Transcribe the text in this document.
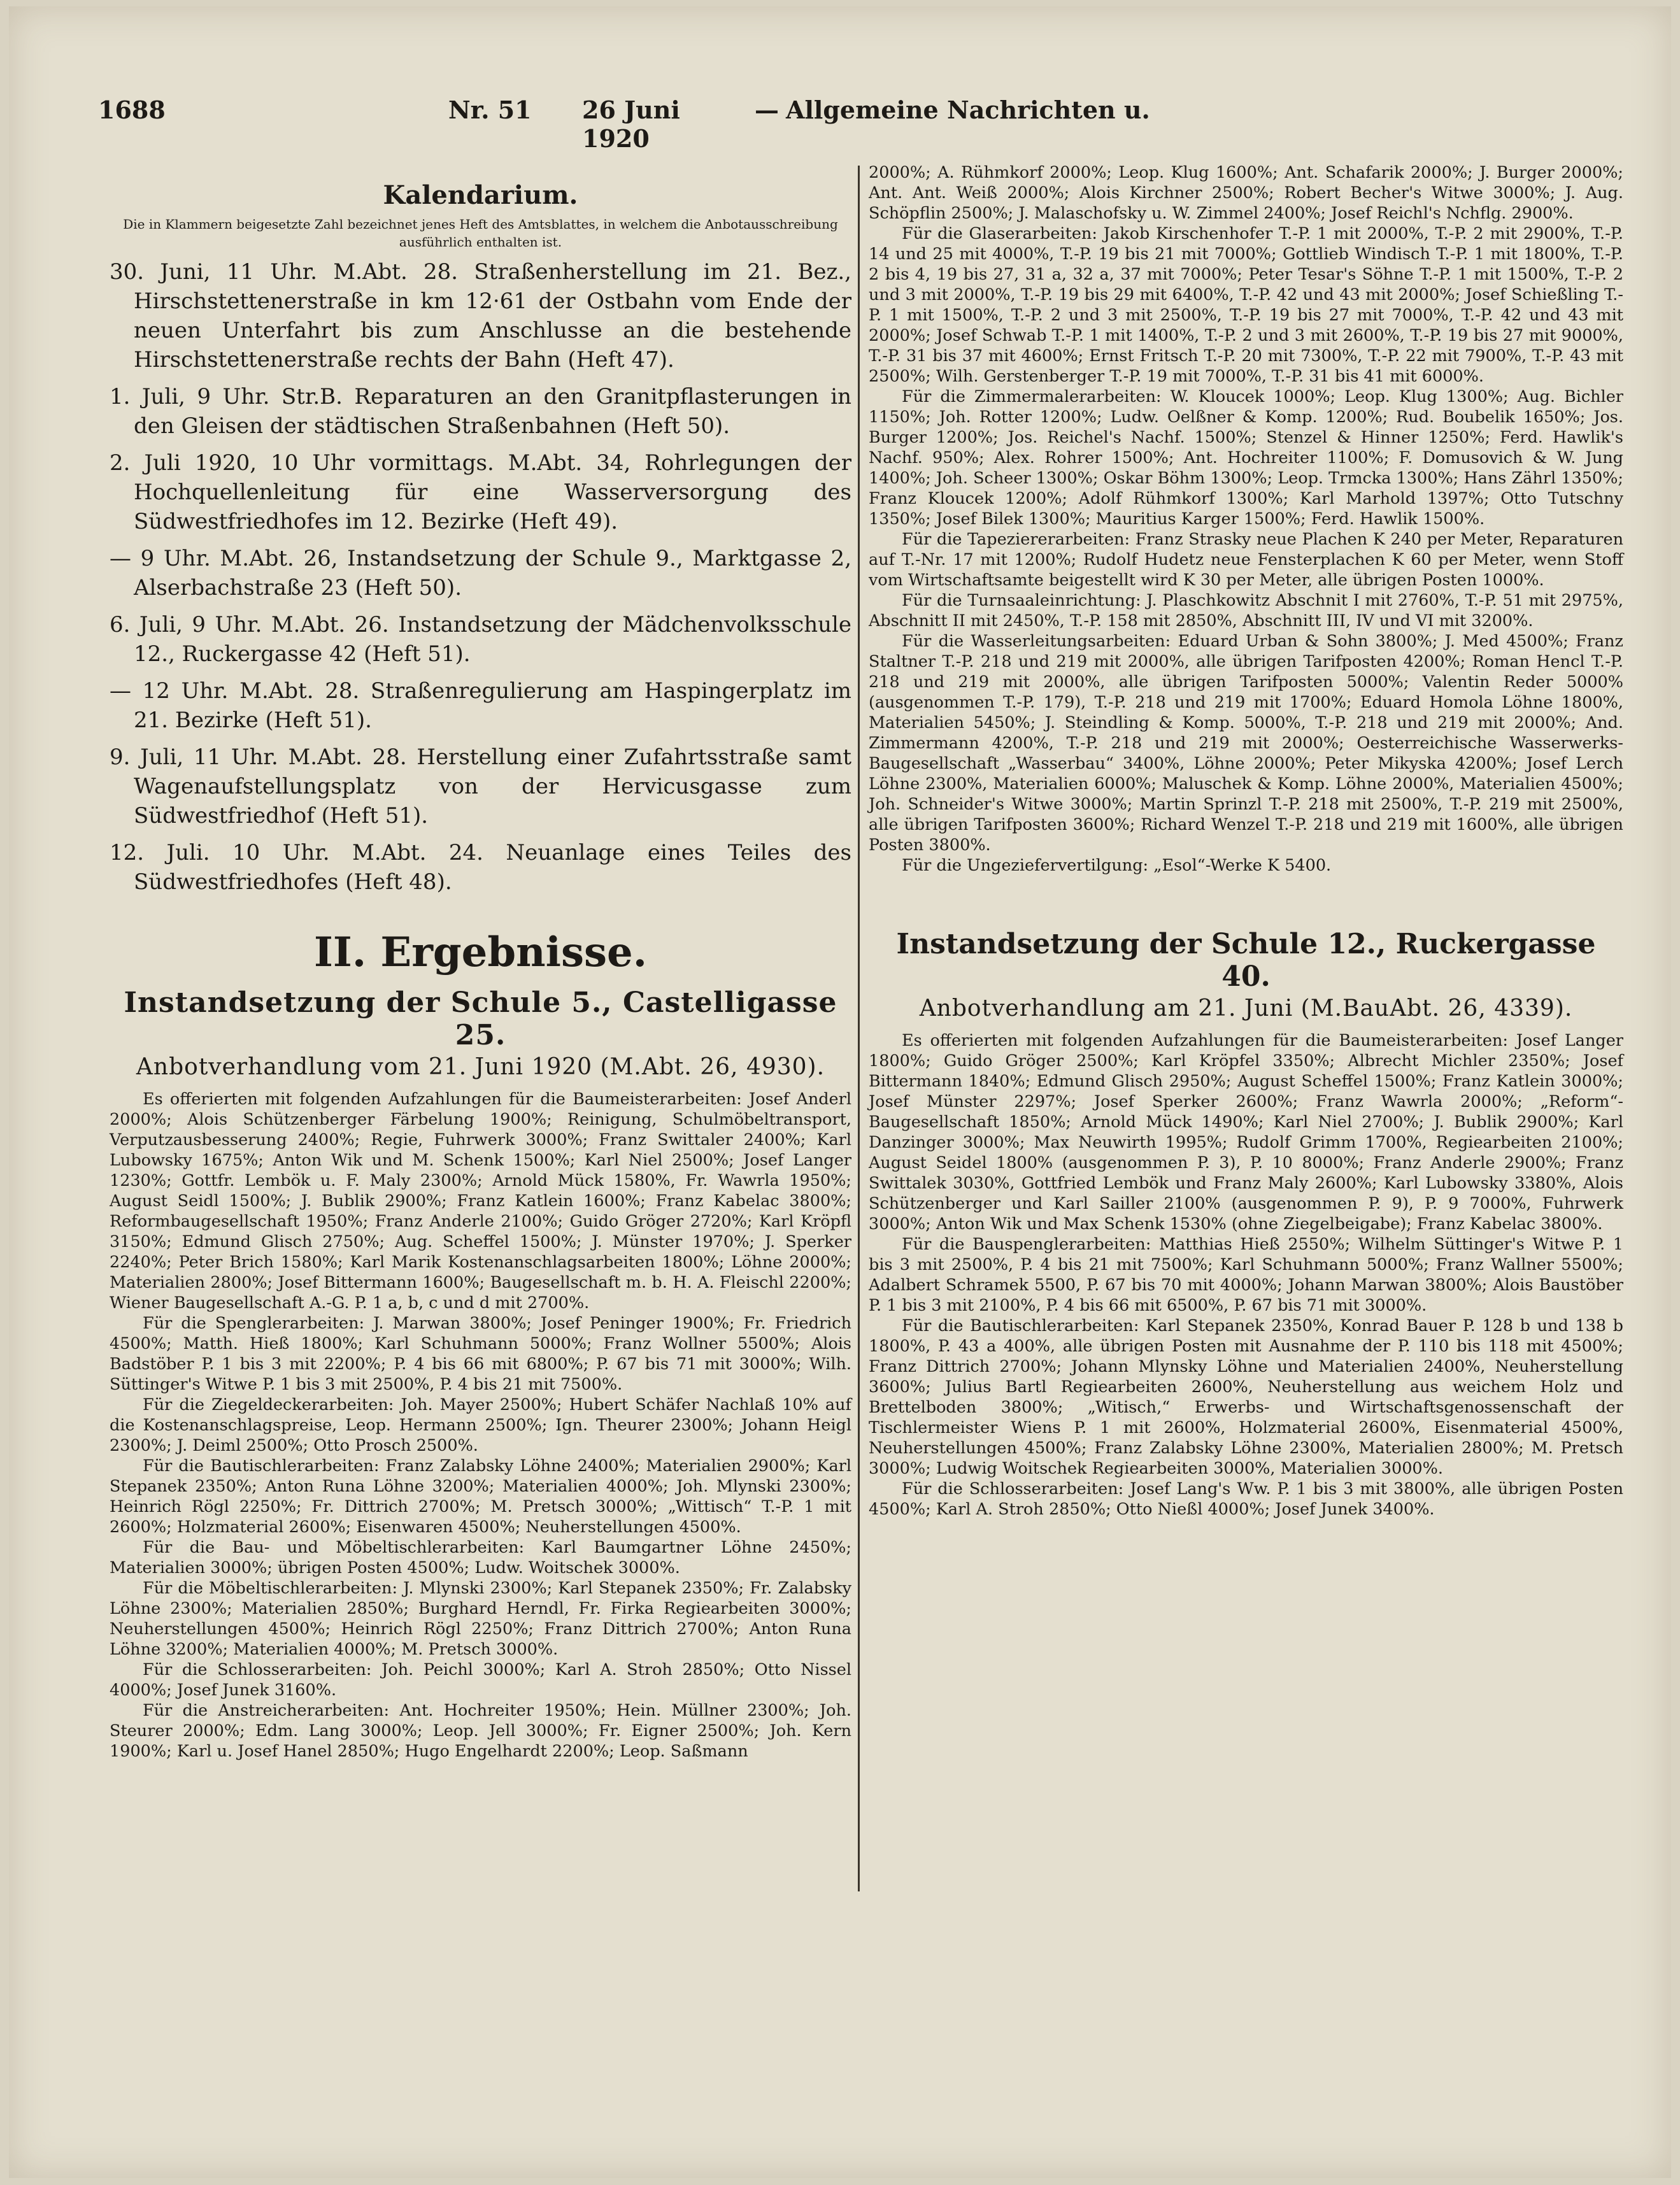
1688	Nr. 51	26 Juni 1920
— Allgemeine Nachrichten u.
Kalendarium.
Die in Klammern beigesetzte Zahl bezeichnet jenes Heft des Amtsblattes, in welchem die Anbotausschreibung ausführlich enthalten ist.

30. Juni, 11 Uhr. M.Abt. 28. Straßenherstellung im 21. Bez., Hirschstettenerstraße in km 12·61 der Ostbahn vom Ende der neuen Unterfahrt bis zum Anschlusse an die bestehende Hirschstettenerstraße rechts der Bahn (Heft 47).

1. Juli, 9 Uhr. Str.B. Reparaturen an den Granitpflasterungen in den Gleisen der städtischen Straßenbahnen (Heft 50).

2. Juli 1920, 10 Uhr vormittags. M.Abt. 34, Rohrlegungen der Hochquellenleitung für eine Wasserversorgung des Südwestfriedhofes im 12. Bezirke (Heft 49).

— 9 Uhr. M.Abt. 26, Instandsetzung der Schule 9., Marktgasse 2, Alserbachstraße 23 (Heft 50).

6. Juli, 9 Uhr. M.Abt. 26. Instandsetzung der Mädchenvolksschule 12., Ruckergasse 42 (Heft 51).

— 12 Uhr. M.Abt. 28. Straßenregulierung am Haspingerplatz im 21. Bezirke (Heft 51).

9. Juli, 11 Uhr. M.Abt. 28. Herstellung einer Zufahrtsstraße samt Wagenaufstellungsplatz von der Hervicusgasse zum Südwestfriedhof (Heft 51).

12. Juli. 10 Uhr. M.Abt. 24. Neuanlage eines Teiles des Südwestfriedhofes (Heft 48).

II. Ergebnisse.
Instandsetzung der Schule 5., Castelligasse 25.
Anbotverhandlung vom 21. Juni 1920 (M.Abt. 26, 4930).

Es offerierten mit folgenden Aufzahlungen für die Baumeisterarbeiten: Josef Anderl 2000%; Alois Schützenberger Färbelung 1900%; Reinigung, Schulmöbeltransport, Verputzausbesserung 2400%; Regie, Fuhrwerk 3000%; Franz Swittaler 2400%; Karl Lubowsky 1675%; Anton Wik und M. Schenk 1500%; Karl Niel 2500%; Josef Langer 1230%; Gottfr. Lembök u. F. Maly 2300%; Arnold Mück 1580%, Fr. Wawrla 1950%; August Seidl 1500%; J. Bublik 2900%; Franz Katlein 1600%; Franz Kabelac 3800%; Reformbaugesellschaft 1950%; Franz Anderle 2100%; Guido Gröger 2720%; Karl Kröpfl 3150%; Edmund Glisch 2750%; Aug. Scheffel 1500%; J. Münster 1970%; J. Sperker 2240%; Peter Brich 1580%; Karl Marik Kostenanschlagsarbeiten 1800%; Löhne 2000%; Materialien 2800%; Josef Bittermann 1600%; Baugesellschaft m. b. H. A. Fleischl 2200%; Wiener Baugesellschaft A.-G. P. 1 a, b, c und d mit 2700%.

Für die Spenglerarbeiten: J. Marwan 3800%; Josef Peninger 1900%; Fr. Friedrich 4500%; Matth. Hieß 1800%; Karl Schuhmann 5000%; Franz Wollner 5500%; Alois Badstöber P. 1 bis 3 mit 2200%; P. 4 bis 66 mit 6800%; P. 67 bis 71 mit 3000%; Wilh. Süttinger's Witwe P. 1 bis 3 mit 2500%, P. 4 bis 21 mit 7500%.

Für die Ziegeldeckerarbeiten: Joh. Mayer 2500%; Hubert Schäfer Nachlaß 10% auf die Kostenanschlagspreise, Leop. Hermann 2500%; Ign. Theurer 2300%; Johann Heigl 2300%; J. Deiml 2500%; Otto Prosch 2500%.

Für die Bautischlerarbeiten: Franz Zalabsky Löhne 2400%; Materialien 2900%; Karl Stepanek 2350%; Anton Runa Löhne 3200%; Materialien 4000%; Joh. Mlynski 2300%; Heinrich Rögl 2250%; Fr. Dittrich 2700%; M. Pretsch 3000%; „Wittisch“ T.-P. 1 mit 2600%; Holzmaterial 2600%; Eisenwaren 4500%; Neuherstellungen 4500%.

Für die Bau- und Möbeltischlerarbeiten: Karl Baumgartner Löhne 2450%; Materialien 3000%; übrigen Posten 4500%; Ludw. Woitschek 3000%.

Für die Möbeltischlerarbeiten: J. Mlynski 2300%; Karl Stepanek 2350%; Fr. Zalabsky Löhne 2300%; Materialien 2850%; Burghard Herndl, Fr. Firka Regiearbeiten 3000%; Neuherstellungen 4500%; Heinrich Rögl 2250%; Franz Dittrich 2700%; Anton Runa Löhne 3200%; Materialien 4000%; M. Pretsch 3000%.

Für die Schlosserarbeiten: Joh. Peichl 3000%; Karl A. Stroh 2850%; Otto Nissel 4000%; Josef Junek 3160%.

Für die Anstreicherarbeiten: Ant. Hochreiter 1950%; Hein. Müllner 2300%; Joh. Steurer 2000%; Edm. Lang 3000%; Leop. Jell 3000%; Fr. Eigner 2500%; Joh. Kern 1900%; Karl u. Josef Hanel 2850%; Hugo Engelhardt 2200%; Leop. Saßmann

2000%; A. Rühmkorf 2000%; Leop. Klug 1600%; Ant. Schafarik 2000%; J. Burger 2000%; Ant. Ant. Weiß 2000%; Alois Kirchner 2500%; Robert Becher's Witwe 3000%; J. Aug. Schöpflin 2500%; J. Malaschofsky u. W. Zimmel 2400%; Josef Reichl's Nchflg. 2900%.

Für die Glaserarbeiten: Jakob Kirschenhofer T.-P. 1 mit 2000%, T.-P. 2 mit 2900%, T.-P. 14 und 25 mit 4000%, T.-P. 19 bis 21 mit 7000%; Gottlieb Windisch T.-P. 1 mit 1800%, T.-P. 2 bis 4, 19 bis 27, 31 a, 32 a, 37 mit 7000%; Peter Tesar's Söhne T.-P. 1 mit 1500%, T.-P. 2 und 3 mit 2000%, T.-P. 19 bis 29 mit 6400%, T.-P. 42 und 43 mit 2000%; Josef Schießling T.-P. 1 mit 1500%, T.-P. 2 und 3 mit 2500%, T.-P. 19 bis 27 mit 7000%, T.-P. 42 und 43 mit 2000%; Josef Schwab T.-P. 1 mit 1400%, T.-P. 2 und 3 mit 2600%, T.-P. 19 bis 27 mit 9000%, T.-P. 31 bis 37 mit 4600%; Ernst Fritsch T.-P. 20 mit 7300%, T.-P. 22 mit 7900%, T.-P. 43 mit 2500%; Wilh. Gerstenberger T.-P. 19 mit 7000%, T.-P. 31 bis 41 mit 6000%.

Für die Zimmermalerarbeiten: W. Kloucek 1000%; Leop. Klug 1300%; Aug. Bichler 1150%; Joh. Rotter 1200%; Ludw. Oelßner & Komp. 1200%; Rud. Boubelik 1650%; Jos. Burger 1200%; Jos. Reichel's Nachf. 1500%; Stenzel & Hinner 1250%; Ferd. Hawlik's Nachf. 950%; Alex. Rohrer 1500%; Ant. Hochreiter 1100%; F. Domusovich & W. Jung 1400%; Joh. Scheer 1300%; Oskar Böhm 1300%; Leop. Trmcka 1300%; Hans Zährl 1350%; Franz Kloucek 1200%; Adolf Rühmkorf 1300%; Karl Marhold 1397%; Otto Tutschny 1350%; Josef Bilek 1300%; Mauritius Karger 1500%; Ferd. Hawlik 1500%.

Für die Tapeziererarbeiten: Franz Strasky neue Plachen K 240 per Meter, Reparaturen auf T.-Nr. 17 mit 1200%; Rudolf Hudetz neue Fensterplachen K 60 per Meter, wenn Stoff vom Wirtschaftsamte beigestellt wird K 30 per Meter, alle übrigen Posten 1000%.

Für die Turnsaaleinrichtung: J. Plaschkowitz Abschnit I mit 2760%, T.-P. 51 mit 2975%, Abschnitt II mit 2450%, T.-P. 158 mit 2850%, Abschnitt III, IV und VI mit 3200%.

Für die Wasserleitungsarbeiten: Eduard Urban & Sohn 3800%; J. Med 4500%; Franz Staltner T.-P. 218 und 219 mit 2000%, alle übrigen Tarifposten 4200%; Roman Hencl T.-P. 218 und 219 mit 2000%, alle übrigen Tarifposten 5000%; Valentin Reder 5000% (ausgenommen T.-P. 179), T.-P. 218 und 219 mit 1700%; Eduard Homola Löhne 1800%, Materialien 5450%; J. Steindling & Komp. 5000%, T.-P. 218 und 219 mit 2000%; And. Zimmermann 4200%, T.-P. 218 und 219 mit 2000%; Oesterreichische Wasserwerks-Baugesellschaft „Wasserbau“ 3400%, Löhne 2000%; Peter Mikyska 4200%; Josef Lerch Löhne 2300%, Materialien 6000%; Maluschek & Komp. Löhne 2000%, Materialien 4500%; Joh. Schneider's Witwe 3000%; Martin Sprinzl T.-P. 218 mit 2500%, T.-P. 219 mit 2500%, alle übrigen Tarifposten 3600%; Richard Wenzel T.-P. 218 und 219 mit 1600%, alle übrigen Posten 3800%.

Für die Ungeziefervertilgung: „Esol“-Werke K 5400.

Instandsetzung der Schule 12., Ruckergasse 40.
Anbotverhandlung am 21. Juni (M.BauAbt. 26, 4339).

Es offerierten mit folgenden Aufzahlungen für die Baumeisterarbeiten: Josef Langer 1800%; Guido Gröger 2500%; Karl Kröpfel 3350%; Albrecht Michler 2350%; Josef Bittermann 1840%; Edmund Glisch 2950%; August Scheffel 1500%; Franz Katlein 3000%; Josef Münster 2297%; Josef Sperker 2600%; Franz Wawrla 2000%; „Reform“-Baugesellschaft 1850%; Arnold Mück 1490%; Karl Niel 2700%; J. Bublik 2900%; Karl Danzinger 3000%; Max Neuwirth 1995%; Rudolf Grimm 1700%, Regiearbeiten 2100%; August Seidel 1800% (ausgenommen P. 3), P. 10 8000%; Franz Anderle 2900%; Franz Swittalek 3030%, Gottfried Lembök und Franz Maly 2600%; Karl Lubowsky 3380%, Alois Schützenberger und Karl Sailler 2100% (ausgenommen P. 9), P. 9 7000%, Fuhrwerk 3000%; Anton Wik und Max Schenk 1530% (ohne Ziegelbeigabe); Franz Kabelac 3800%.

Für die Bauspenglerarbeiten: Matthias Hieß 2550%; Wilhelm Süttinger's Witwe P. 1 bis 3 mit 2500%, P. 4 bis 21 mit 7500%; Karl Schuhmann 5000%; Franz Wallner 5500%; Adalbert Schramek 5500, P. 67 bis 70 mit 4000%; Johann Marwan 3800%; Alois Baustöber P. 1 bis 3 mit 2100%, P. 4 bis 66 mit 6500%, P. 67 bis 71 mit 3000%.

Für die Bautischlerarbeiten: Karl Stepanek 2350%, Konrad Bauer P. 128 b und 138 b 1800%, P. 43 a 400%, alle übrigen Posten mit Ausnahme der P. 110 bis 118 mit 4500%; Franz Dittrich 2700%; Johann Mlynsky Löhne und Materialien 2400%, Neuherstellung 3600%; Julius Bartl Regiearbeiten 2600%, Neuherstellung aus weichem Holz und Brettelboden 3800%; „Witisch,“ Erwerbs- und Wirtschaftsgenossenschaft der Tischlermeister Wiens P. 1 mit 2600%, Holzmaterial 2600%, Eisenmaterial 4500%, Neuherstellungen 4500%; Franz Zalabsky Löhne 2300%, Materialien 2800%; M. Pretsch 3000%; Ludwig Woitschek Regiearbeiten 3000%, Materialien 3000%.

Für die Schlosserarbeiten: Josef Lang's Ww. P. 1 bis 3 mit 3800%, alle übrigen Posten 4500%; Karl A. Stroh 2850%; Otto Nießl 4000%; Josef Junek 3400%.
